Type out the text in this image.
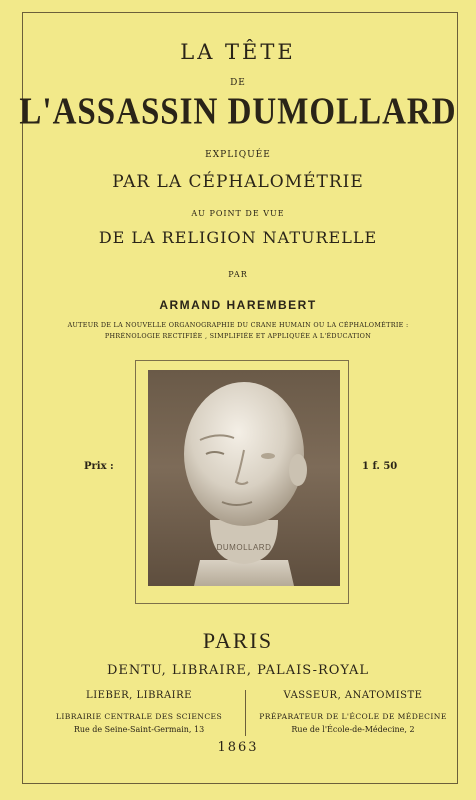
LA TÊTE
DE
L'ASSASSIN DUMOLLARD
EXPLIQUÉE
PAR LA CÉPHALOMÉTRIE
AU POINT DE VUE
DE LA RELIGION NATURELLE
PAR
ARMAND HAREMBERT
AUTEUR DE LA NOUVELLE ORGANOGRAPHIE DU CRANE HUMAIN OU LA CÉPHALOMÉTRIE :
PHRÉNOLOGIE RECTIFIÉE , SIMPLIFIÉE ET APPLIQUÉE A L'ÉDUCATION
Prix :	1 f. 50
DUMOLLARD
PARIS
DENTU, LIBRAIRE, PALAIS-ROYAL
LIEBER, LIBRAIRE
LIBRAIRIE CENTRALE DES SCIENCES
Rue de Seine-Saint-Germain, 13
VASSEUR, ANATOMISTE
PRÉPARATEUR DE L'ÉCOLE DE MÉDECINE
Rue de l'École-de-Médecine, 2
1863
